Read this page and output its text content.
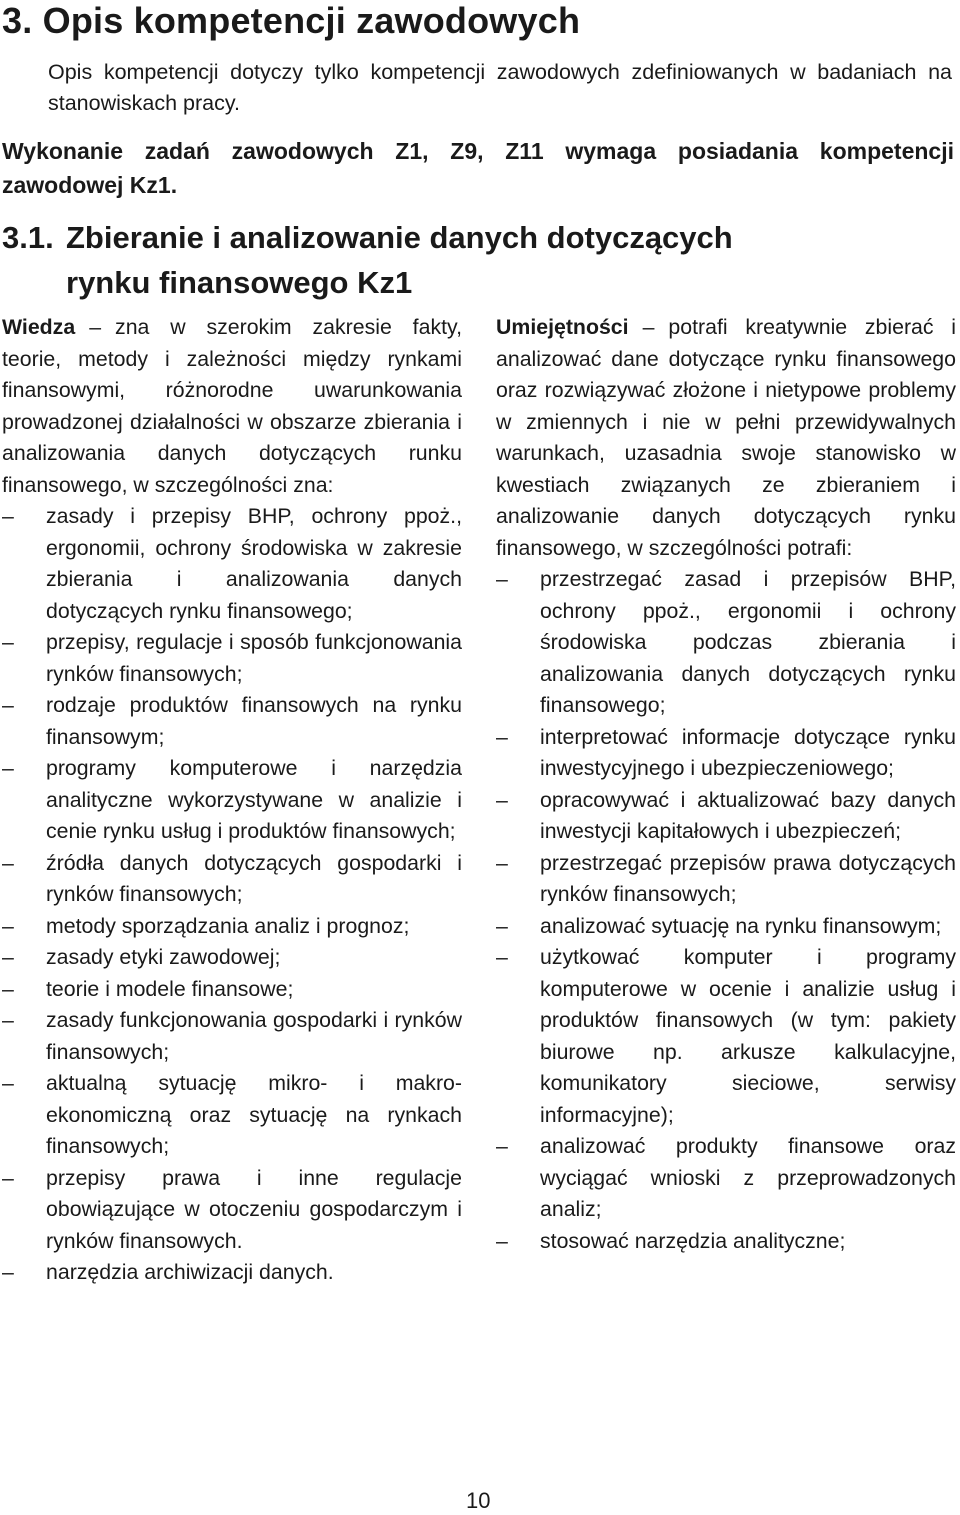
3. Opis kompetencji zawodowych
Opis kompetencji dotyczy tylko kompetencji zawodowych zdefiniowanych w badaniach na stanowiskach pracy.
Wykonanie zadań zawodowych Z1, Z9, Z11 wymaga posiadania kompetencji zawodowej Kz1.
3.1. Zbieranie i analizowanie danych dotyczących
rynku finansowego Kz1

Wiedza – zna w szerokim zakresie fakty, teorie, metody i zależności między rynkami finansowymi, różnorodne uwarunkowania prowadzonej działalności w obszarze zbierania i analizowania danych dotyczących runku finansowego, w szczególności zna:

–	zasady i przepisy BHP, ochrony ppoż., ergonomii, ochrony środowiska w zakresie zbierania i analizowania danych dotyczących rynku finansowego;
–	przepisy, regulacje i sposób funkcjonowania rynków finansowych;
–	rodzaje produktów finansowych na rynku finansowym;
–	programy komputerowe i narzędzia analityczne wykorzystywane w analizie i cenie rynku usług i produktów finansowych;
–	źródła danych dotyczących gospodarki i rynków finansowych;
–	metody sporządzania analiz i prognoz;
–	zasady etyki zawodowej;
–	teorie i modele finansowe;
–	zasady funkcjonowania gospodarki i rynków finansowych;
–	aktualną sytuację mikro- i makro-ekonomiczną oraz sytuację na rynkach finansowych;
–	przepisy prawa i inne regulacje obowiązujące w otoczeniu gospodarczym i rynków finansowych.
–	narzędzia archiwizacji danych.

Umiejętności – potrafi kreatywnie zbierać i analizować dane dotyczące rynku finansowego oraz rozwiązywać złożone i nietypowe problemy w zmiennych i nie w pełni przewidywalnych warunkach, uzasadnia swoje stanowisko w kwestiach związanych ze zbieraniem i analizowanie danych dotyczących rynku finansowego, w szczególności potrafi:

–	przestrzegać zasad i przepisów BHP, ochrony ppoż., ergonomii i ochrony środowiska podczas zbierania i analizowania danych dotyczących rynku finansowego;
–	interpretować informacje dotyczące rynku inwestycyjnego i ubezpieczeniowego;
–	opracowywać i aktualizować bazy danych inwestycji kapitałowych i ubezpieczeń;
–	przestrzegać przepisów prawa dotyczących rynków finansowych;
–	analizować sytuację na rynku finansowym;
–	użytkować komputer i programy komputerowe w ocenie i analizie usług i produktów finansowych (w tym: pakiety biurowe np. arkusze kalkulacyjne, komunikatory sieciowe, serwisy informacyjne);
–	analizować produkty finansowe oraz wyciągać wnioski z przeprowadzonych analiz;
–	stosować narzędzia analityczne;
10
